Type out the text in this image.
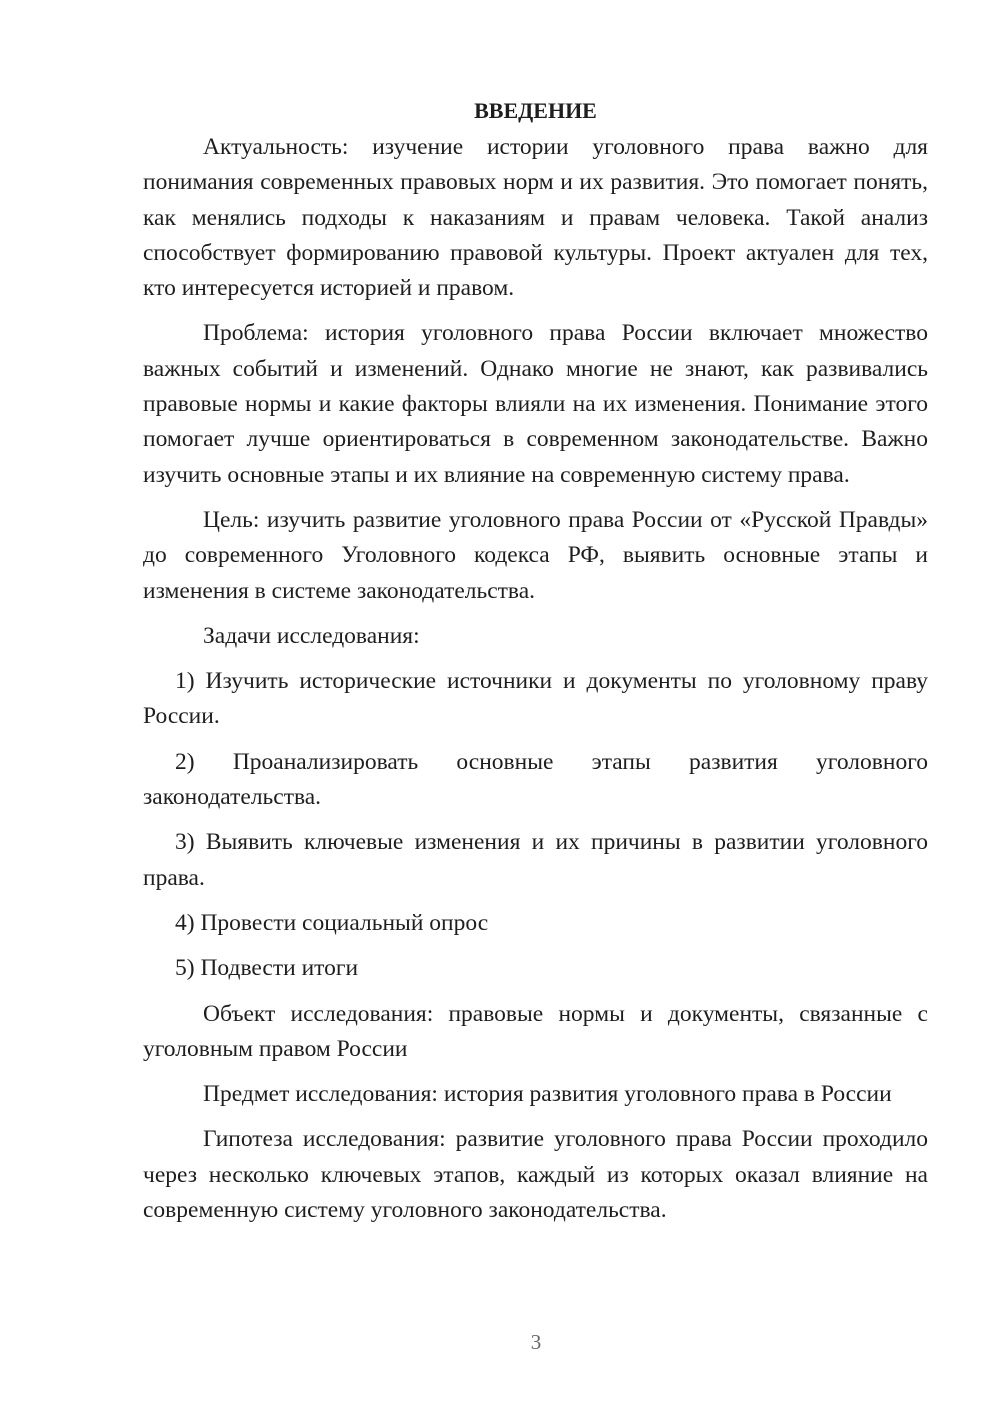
ВВЕДЕНИЕ

Актуальность: изучение истории уголовного права важно для понимания современных правовых норм и их развития. Это помогает понять, как менялись подходы к наказаниям и правам человека. Такой анализ способствует формированию правовой культуры. Проект актуален для тех, кто интересуется историей и правом.

Проблема: история уголовного права России включает множество важных событий и изменений. Однако многие не знают, как развивались правовые нормы и какие факторы влияли на их изменения. Понимание этого помогает лучше ориентироваться в современном законодательстве. Важно изучить основные этапы и их влияние на современную систему права.

Цель: изучить развитие уголовного права России от «Русской Правды» до современного Уголовного кодекса РФ, выявить основные этапы и изменения в системе законодательства.

Задачи исследования:

1) Изучить исторические источники и документы по уголовному праву России.

2) Проанализировать основные этапы развития уголовного законодательства.

3) Выявить ключевые изменения и их причины в развитии уголовного права.

4) Провести социальный опрос

5) Подвести итоги

Объект исследования: правовые нормы и документы, связанные с уголовным правом России

Предмет исследования: история развития уголовного права в России

Гипотеза исследования: развитие уголовного права России проходило через несколько ключевых этапов, каждый из которых оказал влияние на современную систему уголовного законодательства.

3
